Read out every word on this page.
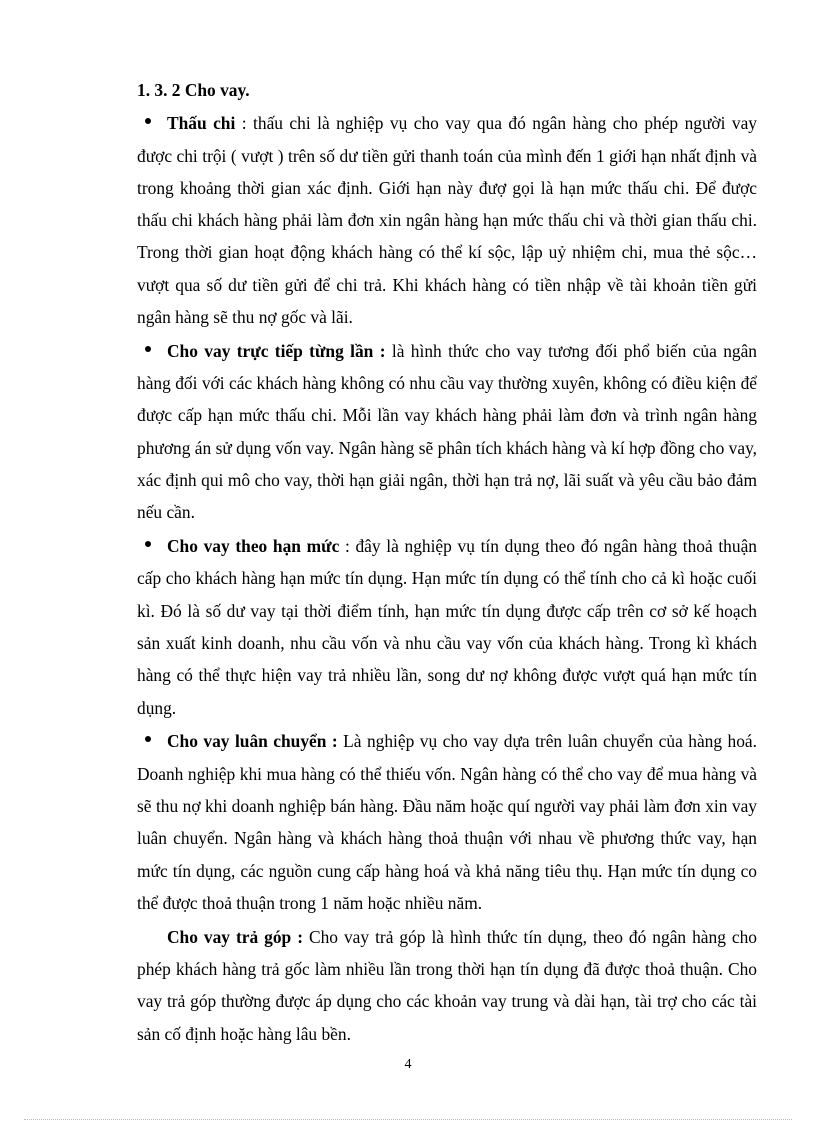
1. 3. 2 Cho vay.

Thấu chi : thấu chi là nghiệp vụ cho vay qua đó ngân hàng cho phép người vay được chi trội ( vượt ) trên số dư tiền gửi thanh toán của mình đến 1 giới hạn nhất định và trong khoảng thời gian xác định. Giới hạn này đượ gọi là hạn mức thấu chi. Để được thấu chi khách hàng phải làm đơn xin ngân hàng hạn mức thấu chi và thời gian thấu chi. Trong thời gian hoạt động khách hàng có thể kí sộc, lập uỷ nhiệm chi, mua thẻ sộc…vượt qua số dư tiền gửi để chi trả. Khi khách hàng có tiền nhập về tài khoản tiền gửi ngân hàng sẽ thu nợ gốc và lãi.

Cho vay trực tiếp từng lần : là hình thức cho vay tương đối phổ biến của ngân hàng đối với các khách hàng không có nhu cầu vay thường xuyên, không có điều kiện để được cấp hạn mức thấu chi. Mỗi lần vay khách hàng phải làm đơn và trình ngân hàng phương án sử dụng vốn vay. Ngân hàng sẽ phân tích khách hàng và kí hợp đồng cho vay, xác định qui mô cho vay, thời hạn giải ngân, thời hạn trả nợ, lãi suất và yêu cầu bảo đảm nếu cần.

Cho vay theo hạn mức : đây là nghiệp vụ tín dụng theo đó ngân hàng thoả thuận cấp cho khách hàng hạn mức tín dụng. Hạn mức tín dụng có thể tính cho cả kì hoặc cuối kì. Đó là số dư vay tại thời điểm tính, hạn mức tín dụng được cấp trên cơ sở kế hoạch sản xuất kinh doanh, nhu cầu vốn và nhu cầu vay vốn của khách hàng. Trong kì khách hàng có thể thực hiện vay trả nhiều lần, song dư nợ không được vượt quá hạn mức tín dụng.

Cho vay luân chuyển : Là nghiệp vụ cho vay dựa trên luân chuyển của hàng hoá. Doanh nghiệp khi mua hàng có thể thiếu vốn. Ngân hàng có thể cho vay để mua hàng và sẽ thu nợ khi doanh nghiệp bán hàng. Đầu năm hoặc quí người vay phải làm đơn xin vay luân chuyển. Ngân hàng và khách hàng thoả thuận với nhau về phương thức vay, hạn mức tín dụng, các nguồn cung cấp hàng hoá và khả năng tiêu thụ. Hạn mức tín dụng co thể được thoả thuận trong 1 năm hoặc nhiều năm.

Cho vay trả góp : Cho vay trả góp là hình thức tín dụng, theo đó ngân hàng cho phép khách hàng trả gốc làm nhiều lần trong thời hạn tín dụng đã được thoả thuận. Cho vay trả góp thường được áp dụng cho các khoản vay trung và dài hạn, tài trợ cho các tài sản cố định hoặc hàng lâu bền.

4
